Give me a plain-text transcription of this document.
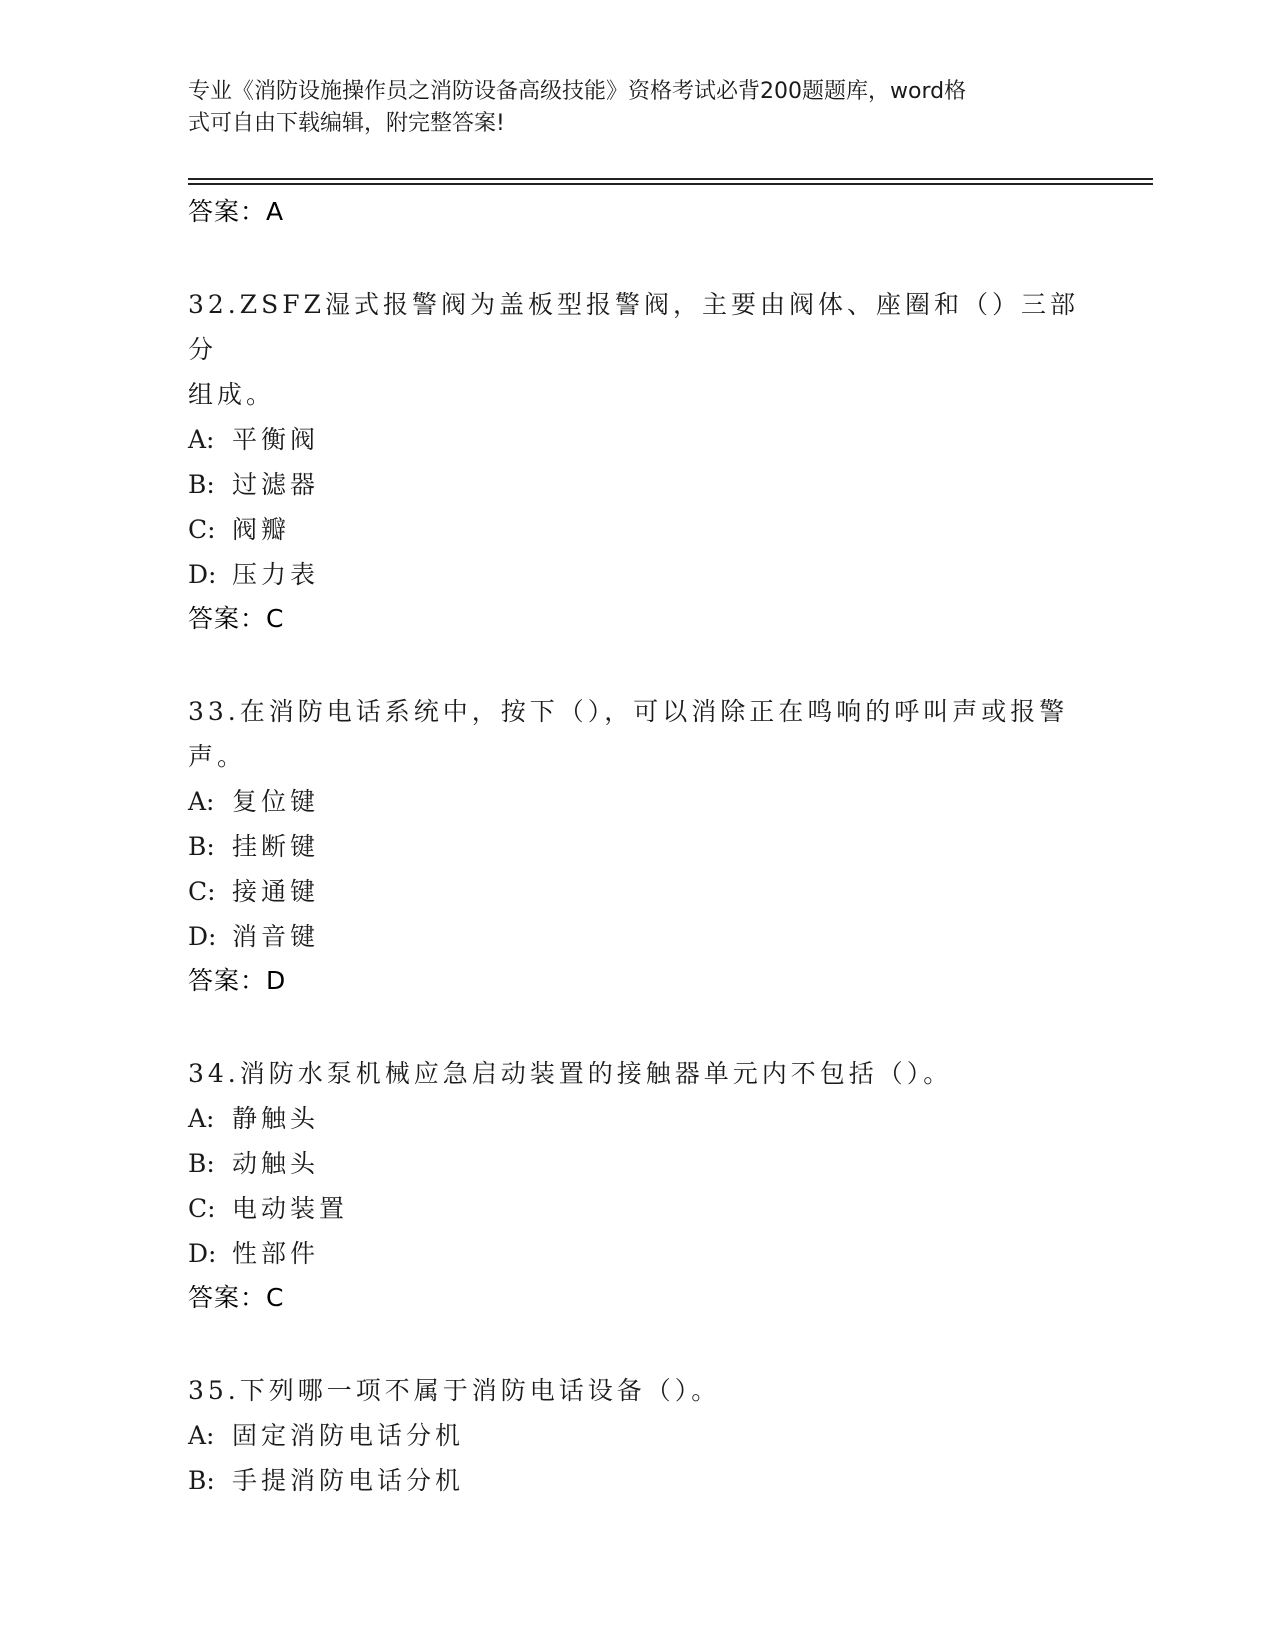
专业《消防设施操作员之消防设备高级技能》资格考试必背200题题库，word格
式可自由下载编辑，附完整答案!
答案：A
32.ZSFZ湿式报警阀为盖板型报警阀，主要由阀体、座圈和（）三部分
组成。
A: 平衡阀
B: 过滤器
C: 阀瓣
D: 压力表
答案：C
33.在消防电话系统中，按下（），可以消除正在鸣响的呼叫声或报警
声。
A: 复位键
B: 挂断键
C: 接通键
D: 消音键
答案：D
34.消防水泵机械应急启动装置的接触器单元内不包括（）。
A: 静触头
B: 动触头
C: 电动装置
D: 性部件
答案：C
35.下列哪一项不属于消防电话设备（）。
A: 固定消防电话分机
B: 手提消防电话分机
